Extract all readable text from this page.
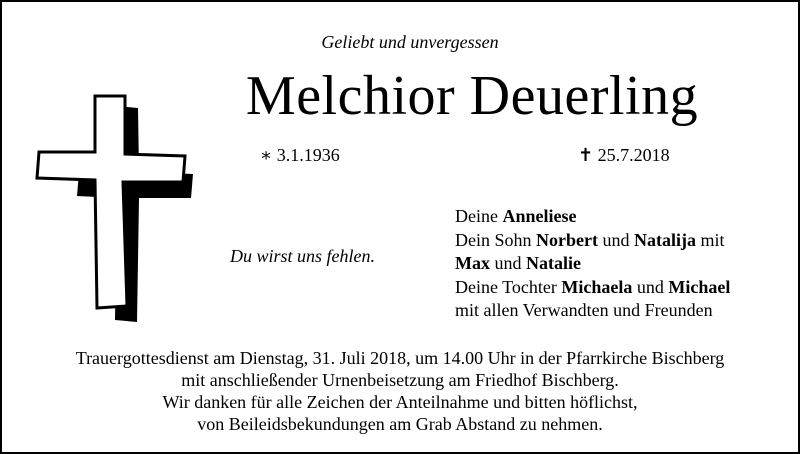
Geliebt und unvergessen
Melchior Deuerling
∗ 3.1.1936	✝ 25.7.2018
Du wirst uns fehlen.
Deine Anneliese
Dein Sohn Norbert und Natalija mit
Max und Natalie
Deine Tochter Michaela und Michael
mit allen Verwandten und Freunden
Trauergottesdienst am Dienstag, 31. Juli 2018, um 14.00 Uhr in der Pfarrkirche Bischberg
mit anschließender Urnenbeisetzung am Friedhof Bischberg.
Wir danken für alle Zeichen der Anteilnahme und bitten höflichst,
von Beileidsbekundungen am Grab Abstand zu nehmen.
